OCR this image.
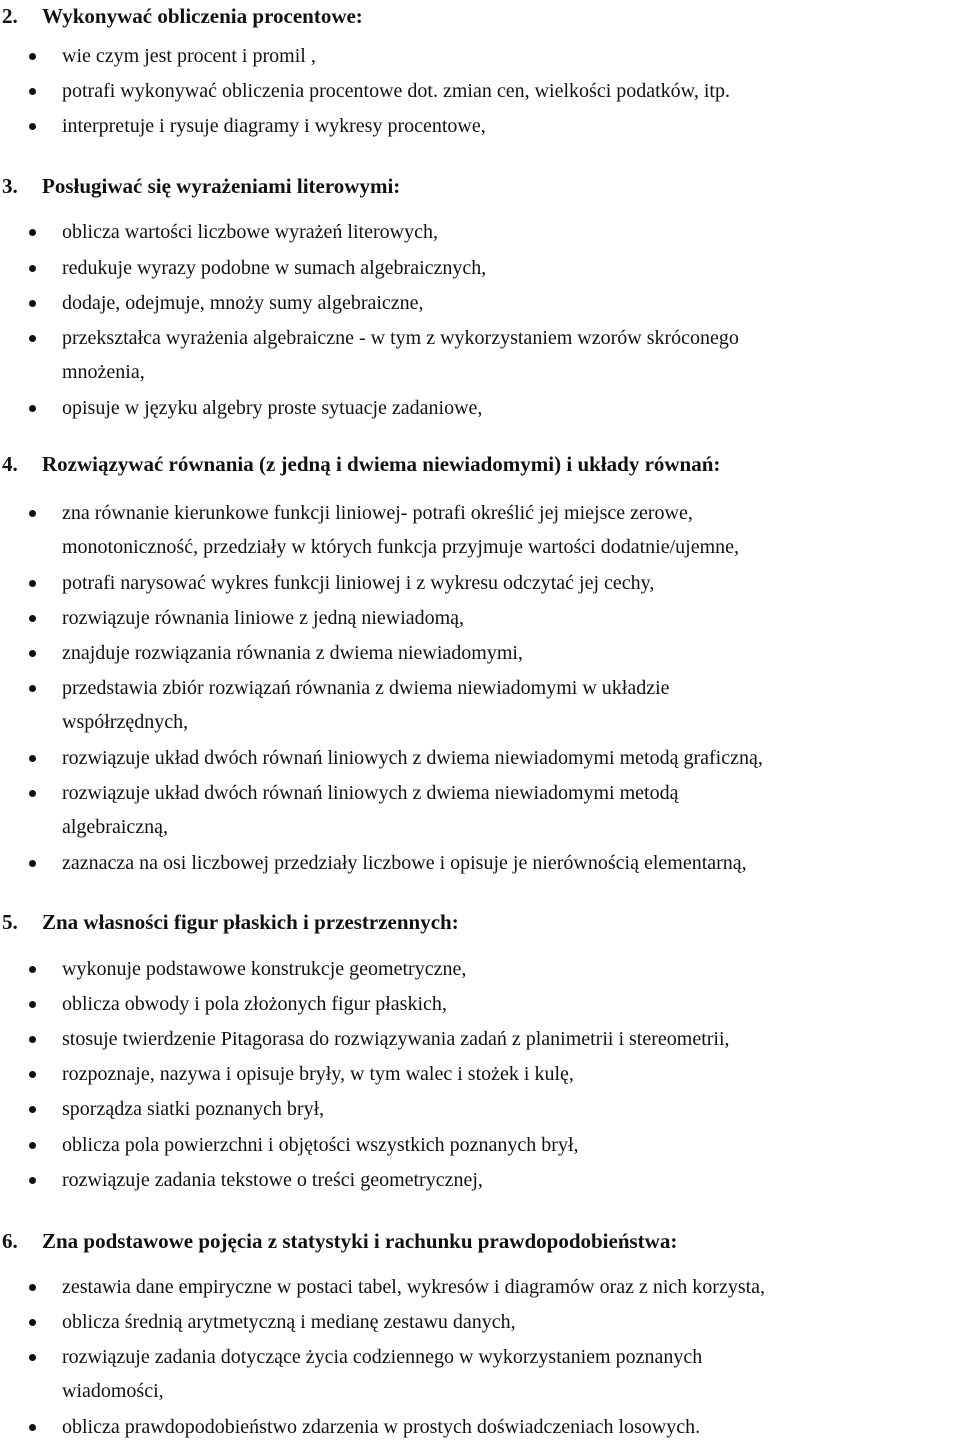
2. Wykonywać obliczenia procentowe:
wie czym jest procent i promil ,
potrafi wykonywać obliczenia procentowe dot. zmian cen, wielkości podatków, itp.
interpretuje i rysuje diagramy i wykresy procentowe,
3. Posługiwać się wyrażeniami literowymi:
oblicza wartości liczbowe wyrażeń literowych,
redukuje wyrazy podobne w sumach algebraicznych,
dodaje, odejmuje, mnoży sumy algebraiczne,
przekształca wyrażenia algebraiczne - w tym z wykorzystaniem wzorów skróconego
mnożenia,
opisuje w języku algebry proste sytuacje zadaniowe,
4. Rozwiązywać równania (z jedną i dwiema niewiadomymi) i układy równań:
zna równanie kierunkowe funkcji liniowej- potrafi określić jej miejsce zerowe,
monotoniczność, przedziały w których funkcja przyjmuje wartości dodatnie/ujemne,
potrafi narysować wykres funkcji liniowej i z wykresu odczytać jej cechy,
rozwiązuje równania liniowe z jedną niewiadomą,
znajduje rozwiązania równania z dwiema niewiadomymi,
przedstawia zbiór rozwiązań równania z dwiema niewiadomymi w układzie
współrzędnych,
rozwiązuje układ dwóch równań liniowych z dwiema niewiadomymi metodą graficzną,
rozwiązuje układ dwóch równań liniowych z dwiema niewiadomymi metodą
algebraiczną,
zaznacza na osi liczbowej przedziały liczbowe i opisuje je nierównością elementarną,
5. Zna własności figur płaskich i przestrzennych:
wykonuje podstawowe konstrukcje geometryczne,
oblicza obwody i pola złożonych figur płaskich,
stosuje twierdzenie Pitagorasa do rozwiązywania zadań z planimetrii i stereometrii,
rozpoznaje, nazywa i opisuje bryły, w tym walec i stożek i kulę,
sporządza siatki poznanych brył,
oblicza pola powierzchni i objętości wszystkich poznanych brył,
rozwiązuje zadania tekstowe o treści geometrycznej,
6. Zna podstawowe pojęcia z statystyki i rachunku prawdopodobieństwa:
zestawia dane empiryczne w postaci tabel, wykresów i diagramów oraz z nich korzysta,
oblicza średnią arytmetyczną i medianę zestawu danych,
rozwiązuje zadania dotyczące życia codziennego w wykorzystaniem poznanych
wiadomości,
oblicza prawdopodobieństwo zdarzenia w prostych doświadczeniach losowych.
